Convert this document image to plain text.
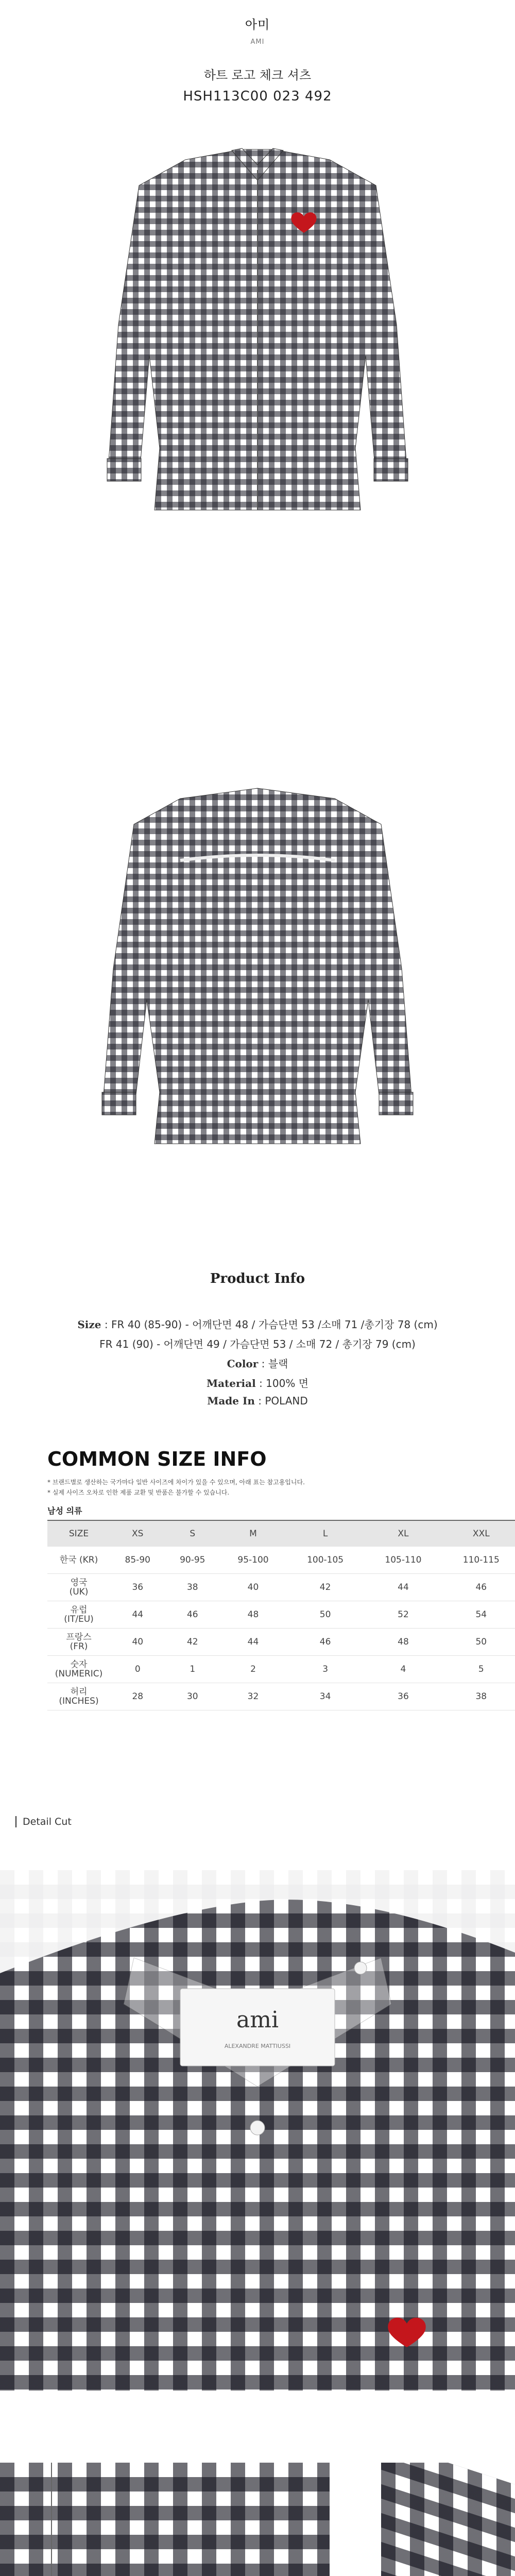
아미
AMI
하트 로고 체크 셔츠
HSH113C00 023 492
Product Info
Size : FR 40 (85-90) - 어깨단면 48 / 가슴단면 53 /소매 71 /총기장 78 (cm)
FR 41 (90) - 어깨단면 49 / 가슴단면 53 / 소매 72 / 총기장 79 (cm)
Color : 블랙
Material : 100% 면
Made In : POLAND
COMMON SIZE INFO
* 브랜드별로 생산하는 국가마다 일반 사이즈에 차이가 있을 수 있으며, 아래 표는 참고용입니다.
* 실제 사이즈 오차로 인한 제품 교환 및 반품은 불가할 수 있습니다.
남성 의류
SIZE	XS	S	M	L	XL	XXL
한국 (KR)	85-90	90-95	95-100	100-105	105-110	110-115
영국
(UK)	36	38	40	42	44	46
유럽
(IT/EU)	44	46	48	50	52	54
프랑스
(FR)	40	42	44	46	48	50
숫자
(NUMERIC)	0	1	2	3	4	5
허리
(INCHES)	28	30	32	34	36	38
Detail Cut
ami
ALEXANDRE MATTIUSSI
